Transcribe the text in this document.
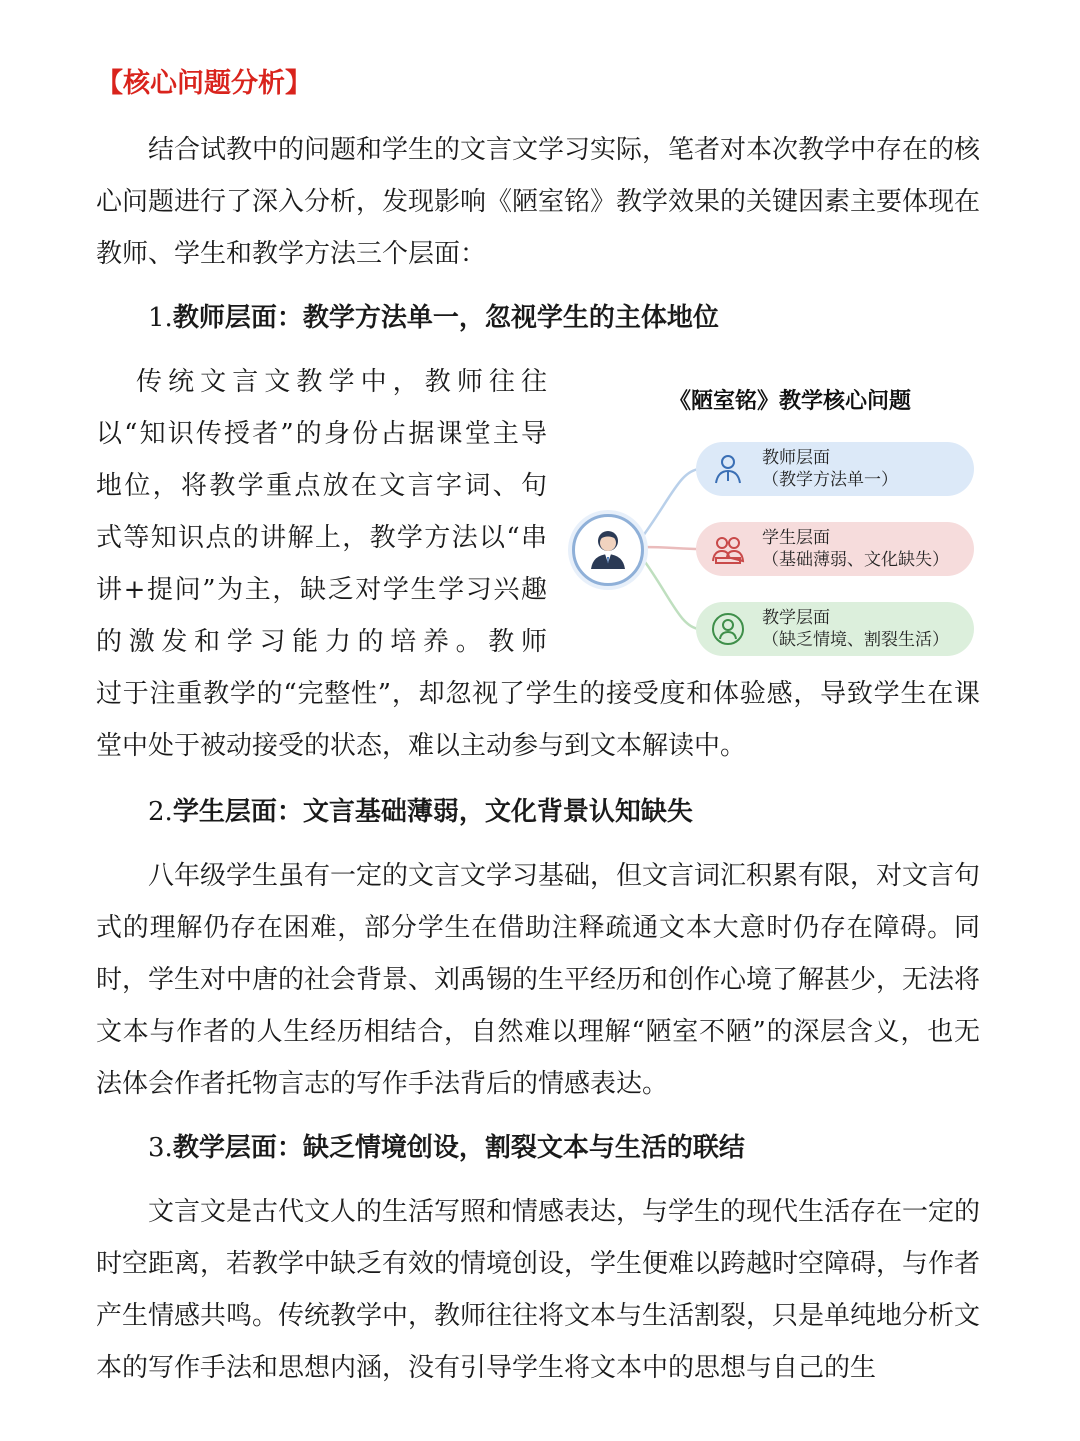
【核心问题分析】

结合试教中的问题和学生的文言文学习实际，笔者对本次教学中存在的核心问题进行了深入分析，发现影响《陋室铭》教学效果的关键因素主要体现在教师、学生和教学方法三个层面：

1.教师层面：教学方法单一，忽视学生的主体地位

传统文言文教学中，教师往往以“知识传授者”的身份占据课堂主导地位，将教学重点放在文言字词、句式等知识点的讲解上，教学方法以“串讲+提问”为主，缺乏对学生学习兴趣的激发和学习能力的培养。教师

《陋室铭》教学核心问题
教师层面
（教学方法单一）
学生层面
（基础薄弱、文化缺失）
教学层面
（缺乏情境、割裂生活）

过于注重教学的“完整性”，却忽视了学生的接受度和体验感，导致学生在课堂中处于被动接受的状态，难以主动参与到文本解读中。

2.学生层面：文言基础薄弱，文化背景认知缺失

八年级学生虽有一定的文言文学习基础，但文言词汇积累有限，对文言句式的理解仍存在困难，部分学生在借助注释疏通文本大意时仍存在障碍。同时，学生对中唐的社会背景、刘禹锡的生平经历和创作心境了解甚少，无法将文本与作者的人生经历相结合，自然难以理解“陋室不陋”的深层含义，也无法体会作者托物言志的写作手法背后的情感表达。

3.教学层面：缺乏情境创设，割裂文本与生活的联结

文言文是古代文人的生活写照和情感表达，与学生的现代生活存在一定的时空距离，若教学中缺乏有效的情境创设，学生便难以跨越时空障碍，与作者产生情感共鸣。传统教学中，教师往往将文本与生活割裂，只是单纯地分析文本的写作手法和思想内涵，没有引导学生将文本中的思想与自己的生
